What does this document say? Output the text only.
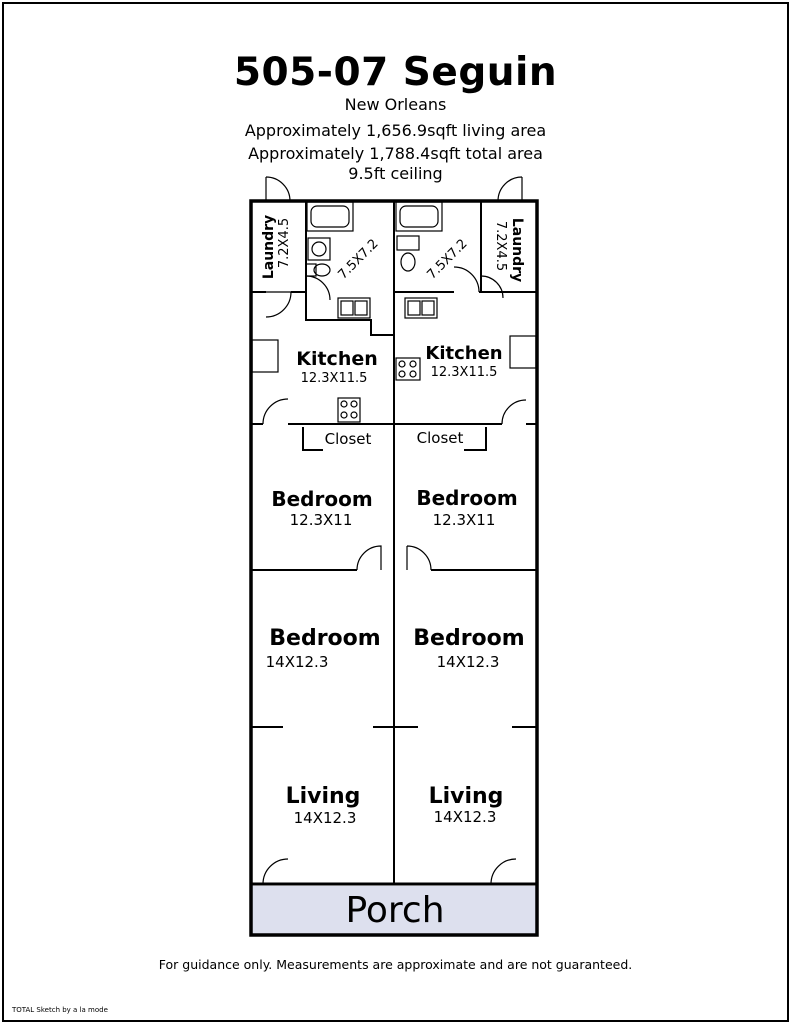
505-07 Seguin
New Orleans
Approximately 1,656.9sqft living area
Approximately 1,788.4sqft total area
9.5ft ceiling
Laundry 7.2X4.5	Laundry
7.2X4.5
7.5X7.2	7.5X7.2
Kitchen
12.3X11.5
Kitchen
12.3X11.5
Closet	Closet
Bedroom
12.3X11
Bedroom
12.3X11
Bedroom
14X12.3
Bedroom
14X12.3
Living
14X12.3
Living
14X12.3
Porch
For guidance only. Measurements are approximate and are not guaranteed.
TOTAL Sketch by a la mode
